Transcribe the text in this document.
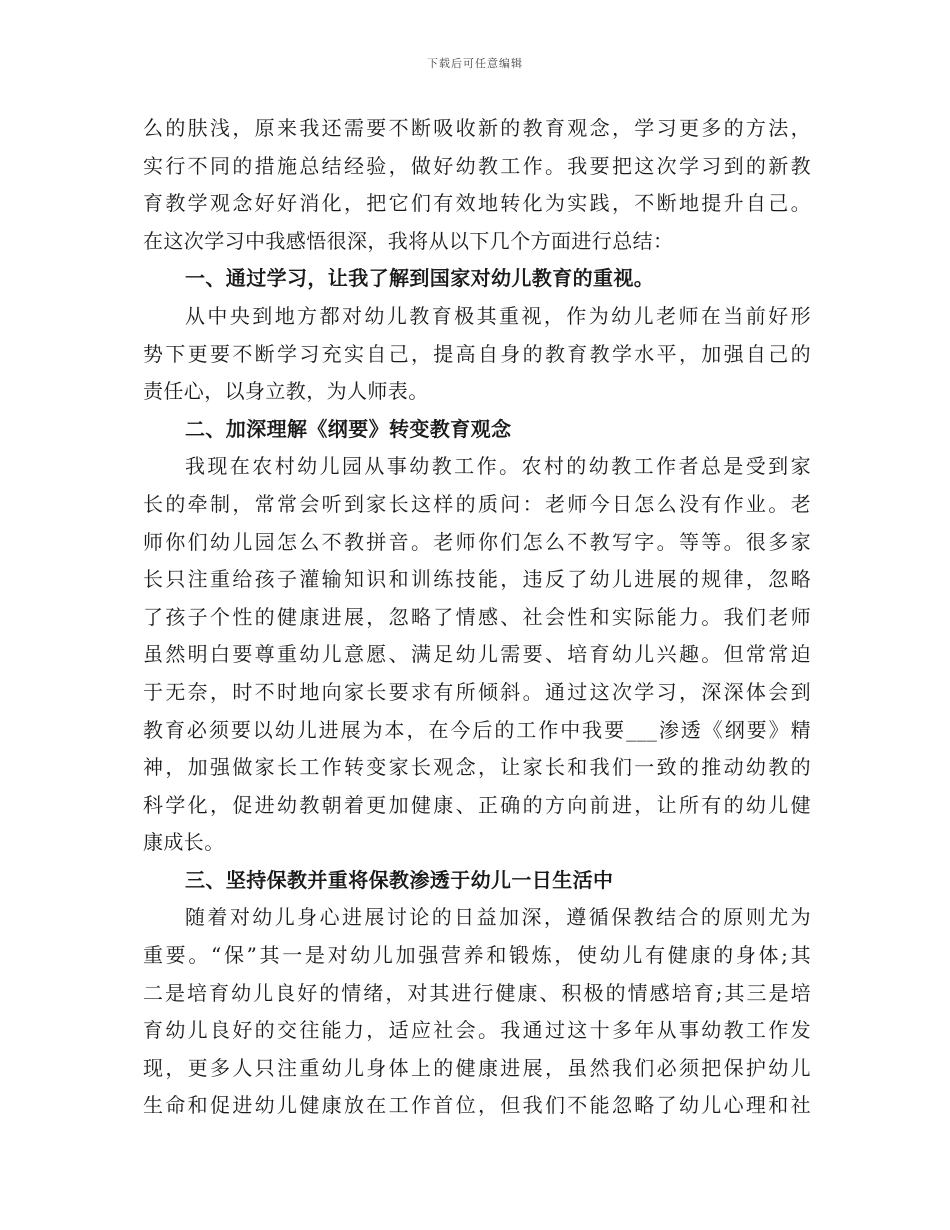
下载后可任意编辑
么的肤浅，原来我还需要不断吸收新的教育观念，学习更多的方法，
实行不同的措施总结经验，做好幼教工作。我要把这次学习到的新教
育教学观念好好消化，把它们有效地转化为实践，不断地提升自己。
在这次学习中我感悟很深，我将从以下几个方面进行总结：
一、通过学习，让我了解到国家对幼儿教育的重视。
从中央到地方都对幼儿教育极其重视，作为幼儿老师在当前好形
势下更要不断学习充实自己，提高自身的教育教学水平，加强自己的
责任心，以身立教，为人师表。
二、加深理解《纲要》转变教育观念
我现在农村幼儿园从事幼教工作。农村的幼教工作者总是受到家
长的牵制，常常会听到家长这样的质问：老师今日怎么没有作业。老
师你们幼儿园怎么不教拼音。老师你们怎么不教写字。等等。很多家
长只注重给孩子灌输知识和训练技能，违反了幼儿进展的规律，忽略
了孩子个性的健康进展，忽略了情感、社会性和实际能力。我们老师
虽然明白要尊重幼儿意愿、满足幼儿需要、培育幼儿兴趣。但常常迫
于无奈，时不时地向家长要求有所倾斜。通过这次学习，深深体会到
教育必须要以幼儿进展为本，在今后的工作中我要___渗透《纲要》精
神，加强做家长工作转变家长观念，让家长和我们一致的推动幼教的
科学化，促进幼教朝着更加健康、正确的方向前进，让所有的幼儿健
康成长。
三、坚持保教并重将保教渗透于幼儿一日生活中
随着对幼儿身心进展讨论的日益加深，遵循保教结合的原则尤为
重要。“保”其一是对幼儿加强营养和锻炼，使幼儿有健康的身体;其
二是培育幼儿良好的情绪，对其进行健康、积极的情感培育;其三是培
育幼儿良好的交往能力，适应社会。我通过这十多年从事幼教工作发
现，更多人只注重幼儿身体上的健康进展，虽然我们必须把保护幼儿
生命和促进幼儿健康放在工作首位，但我们不能忽略了幼儿心理和社
